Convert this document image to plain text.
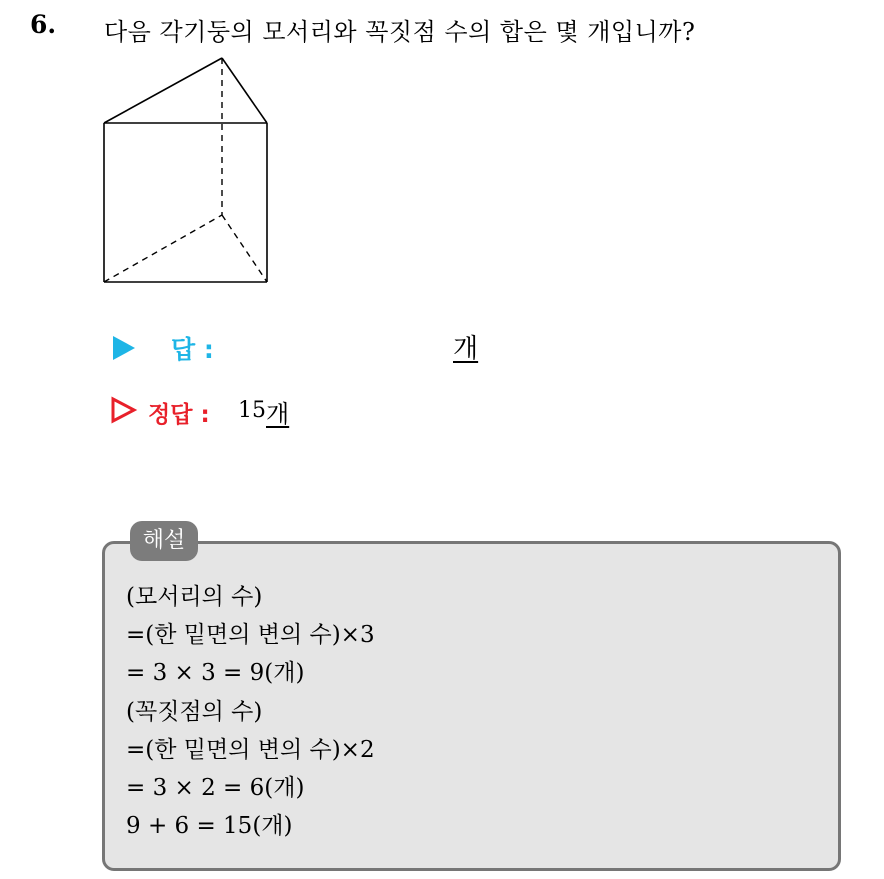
6. 다음 각기둥의 모서리와 꼭짓점 수의 합은 몇 개입니까?
답 :	개
정답 : 15 개
해설
(모서리의 수)
=(한 밑면의 변의 수)×3
= 3 × 3 = 9(개)
(꼭짓점의 수)
=(한 밑면의 변의 수)×2
= 3 × 2 = 6(개)
9 + 6 = 15(개)
